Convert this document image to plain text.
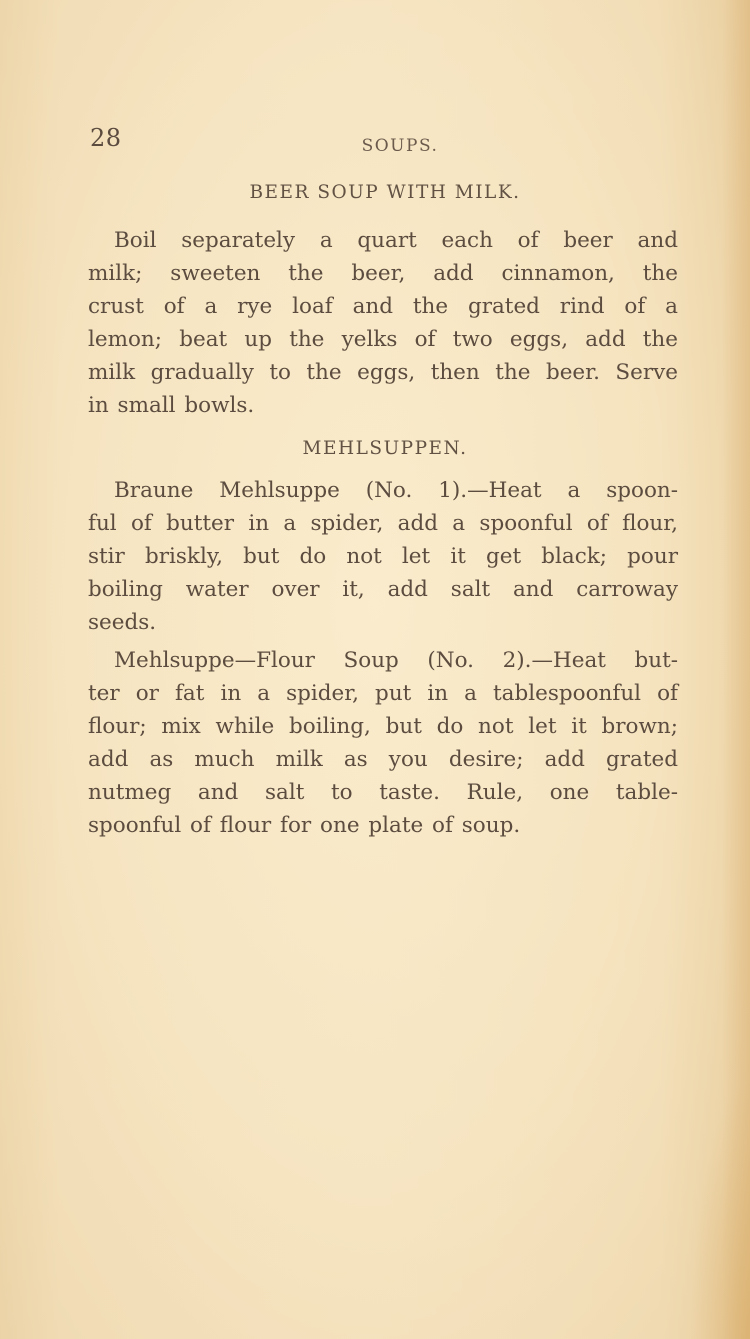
28	SOUPS.
BEER SOUP WITH MILK.
Boil separately a quart each of beer and
milk; sweeten the beer, add cinnamon, the
crust of a rye loaf and the grated rind of a
lemon; beat up the yelks of two eggs, add the
milk gradually to the eggs, then the beer. Serve
in small bowls.
MEHLSUPPEN.
Braune Mehlsuppe (No. 1).—Heat a spoon-
ful of butter in a spider, add a spoonful of flour,
stir briskly, but do not let it get black; pour
boiling water over it, add salt and carroway
seeds.
Mehlsuppe—Flour Soup (No. 2).—Heat but-
ter or fat in a spider, put in a tablespoonful of
flour; mix while boiling, but do not let it brown;
add as much milk as you desire; add grated
nutmeg and salt to taste. Rule, one table-
spoonful of flour for one plate of soup.
